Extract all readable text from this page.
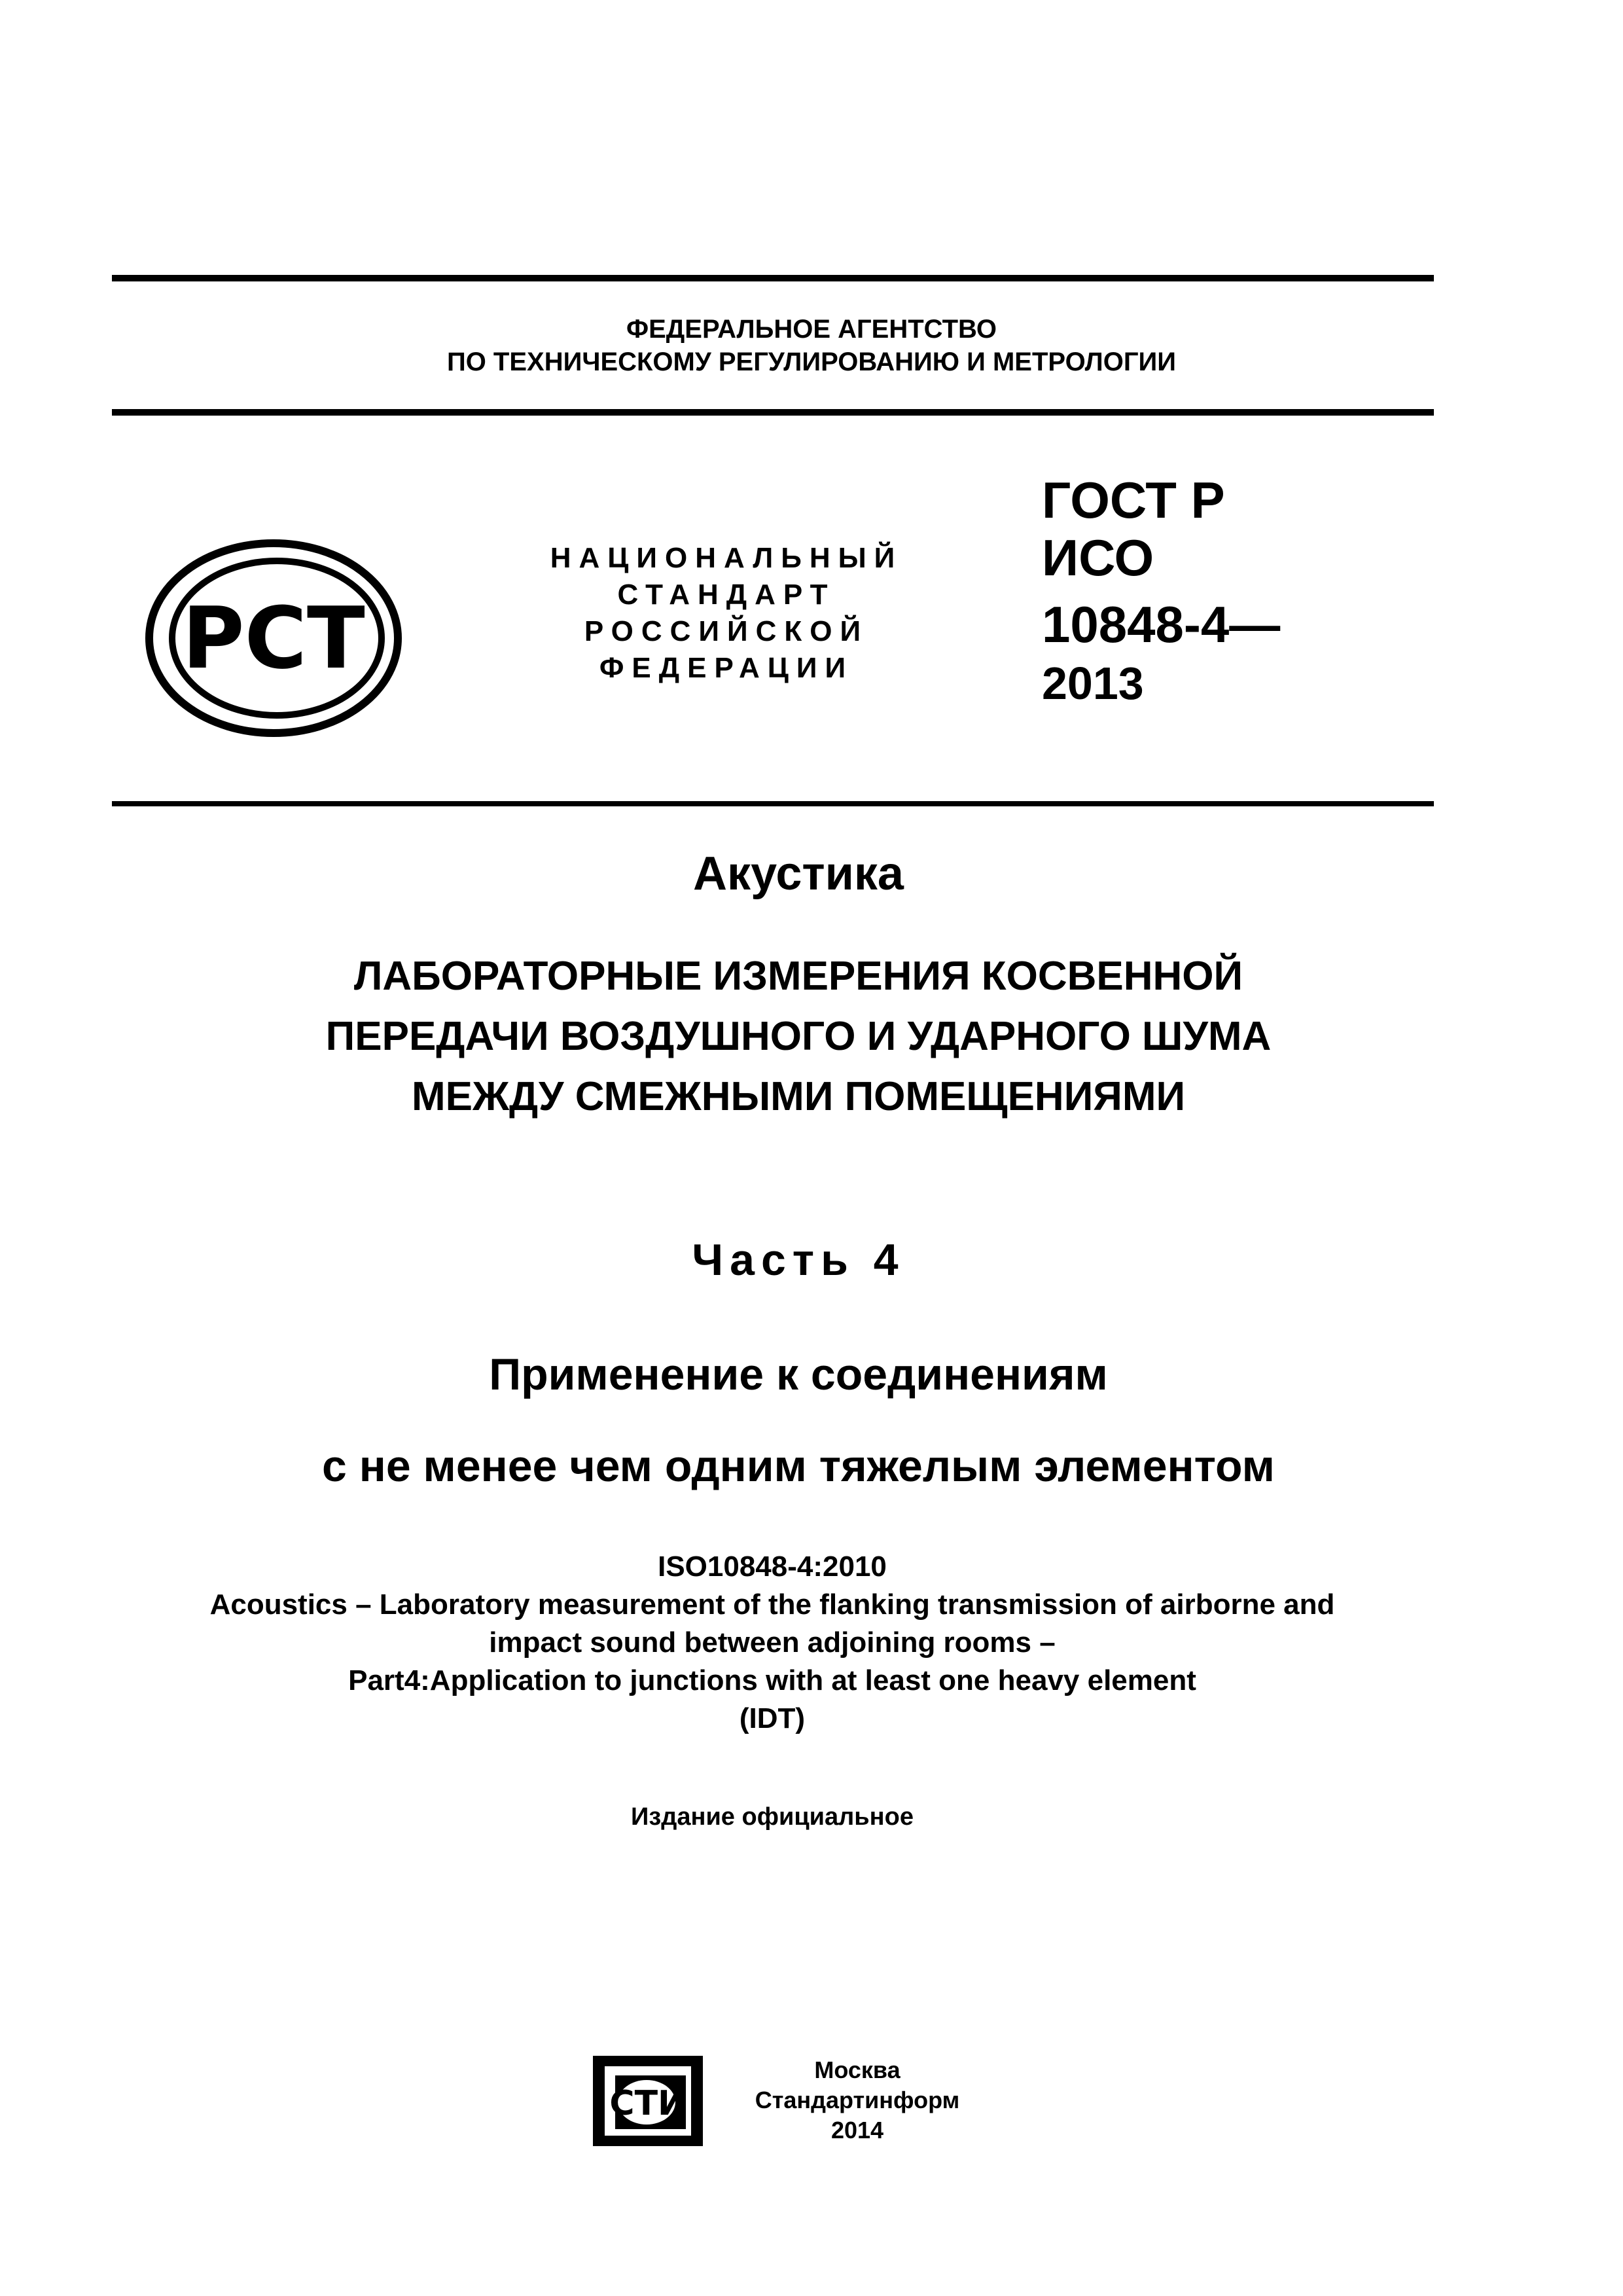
ФЕДЕРАЛЬНОЕ АГЕНТСТВО
ПО ТЕХНИЧЕСКОМУ РЕГУЛИРОВАНИЮ И МЕТРОЛОГИИ
РСТ
НАЦИОНАЛЬНЫЙ
СТАНДАРТ
РОССИЙСКОЙ
ФЕДЕРАЦИИ
ГОСТ Р
ИСО
10848-4—
2013
Акустика
ЛАБОРАТОРНЫЕ ИЗМЕРЕНИЯ КОСВЕННОЙ
ПЕРЕДАЧИ ВОЗДУШНОГО И УДАРНОГО ШУМА
МЕЖДУ СМЕЖНЫМИ ПОМЕЩЕНИЯМИ
Часть 4
Применение к соединениям
с не менее чем одним тяжелым элементом
ISO10848-4:2010
Acoustics – Laboratory measurement of the flanking transmission of airborne and
impact sound between adjoining rooms –
Part4:Application to junctions with at least one heavy element
(IDT)
Издание официальное
СТИ
Москва
Стандартинформ
2014
